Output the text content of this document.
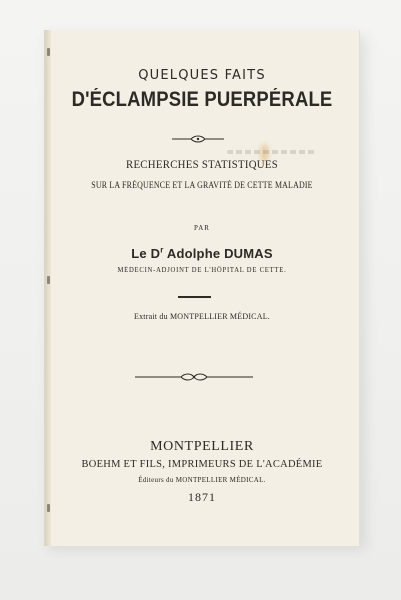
QUELQUES FAITS
D'ÉCLAMPSIE PUERPÉRALE
RECHERCHES STATISTIQUES
SUR LA FRÉQUENCE ET LA GRAVITÉ DE CETTE MALADIE
PAR
Le $D^r$ Adolphe DUMAS
MÉDECIN-ADJOINT DE L'HÔPITAL DE CETTE.
Extrait du MONTPELLIER MÉDICAL.
MONTPELLIER
BOEHM ET FILS, IMPRIMEURS DE L'ACADÉMIE
Éditeurs du MONTPELLIER MÉDICAL.
1871
